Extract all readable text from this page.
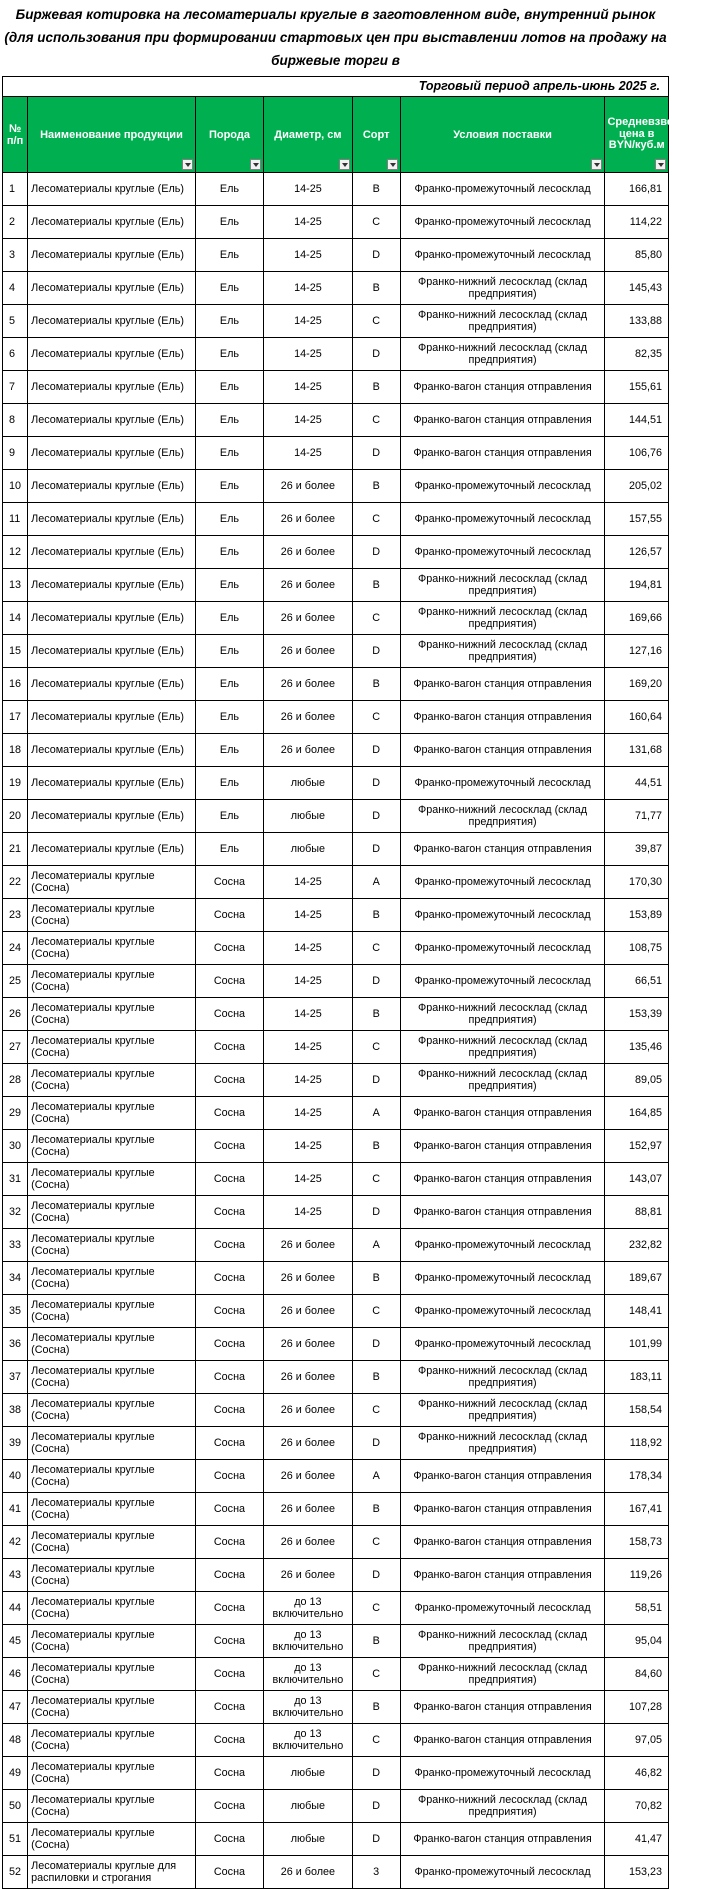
Биржевая котировка на лесоматериалы круглые в заготовленном виде, внутренний рынок
(для использования при формировании стартовых цен при выставлении лотов на продажу на
биржевые торги в
Торговый период апрель-июнь 2025 г.
№ п/п	Наименование продукции	Порода	Диаметр, см	Сорт	Условия поставки	Средневзвешенная цена в BYN/куб.м

1	Лесоматериалы круглые (Ель)	Ель	14-25	B	Франко-промежуточный лесосклад	166,81
2	Лесоматериалы круглые (Ель)	Ель	14-25	C	Франко-промежуточный лесосклад	114,22
3	Лесоматериалы круглые (Ель)	Ель	14-25	D	Франко-промежуточный лесосклад	85,80
4	Лесоматериалы круглые (Ель)	Ель	14-25	B	Франко-нижний лесосклад (склад предприятия)	145,43
5	Лесоматериалы круглые (Ель)	Ель	14-25	C	Франко-нижний лесосклад (склад предприятия)	133,88
6	Лесоматериалы круглые (Ель)	Ель	14-25	D	Франко-нижний лесосклад (склад предприятия)	82,35
7	Лесоматериалы круглые (Ель)	Ель	14-25	B	Франко-вагон станция отправления	155,61
8	Лесоматериалы круглые (Ель)	Ель	14-25	C	Франко-вагон станция отправления	144,51
9	Лесоматериалы круглые (Ель)	Ель	14-25	D	Франко-вагон станция отправления	106,76
10	Лесоматериалы круглые (Ель)	Ель	26 и более	B	Франко-промежуточный лесосклад	205,02
11	Лесоматериалы круглые (Ель)	Ель	26 и более	C	Франко-промежуточный лесосклад	157,55
12	Лесоматериалы круглые (Ель)	Ель	26 и более	D	Франко-промежуточный лесосклад	126,57
13	Лесоматериалы круглые (Ель)	Ель	26 и более	B	Франко-нижний лесосклад (склад предприятия)	194,81
14	Лесоматериалы круглые (Ель)	Ель	26 и более	C	Франко-нижний лесосклад (склад предприятия)	169,66
15	Лесоматериалы круглые (Ель)	Ель	26 и более	D	Франко-нижний лесосклад (склад предприятия)	127,16
16	Лесоматериалы круглые (Ель)	Ель	26 и более	B	Франко-вагон станция отправления	169,20
17	Лесоматериалы круглые (Ель)	Ель	26 и более	C	Франко-вагон станция отправления	160,64
18	Лесоматериалы круглые (Ель)	Ель	26 и более	D	Франко-вагон станция отправления	131,68
19	Лесоматериалы круглые (Ель)	Ель	любые	D	Франко-промежуточный лесосклад	44,51
20	Лесоматериалы круглые (Ель)	Ель	любые	D	Франко-нижний лесосклад (склад предприятия)	71,77
21	Лесоматериалы круглые (Ель)	Ель	любые	D	Франко-вагон станция отправления	39,87
22	Лесоматериалы круглые (Сосна)	Сосна	14-25	A	Франко-промежуточный лесосклад	170,30
23	Лесоматериалы круглые (Сосна)	Сосна	14-25	B	Франко-промежуточный лесосклад	153,89
24	Лесоматериалы круглые (Сосна)	Сосна	14-25	C	Франко-промежуточный лесосклад	108,75
25	Лесоматериалы круглые (Сосна)	Сосна	14-25	D	Франко-промежуточный лесосклад	66,51
26	Лесоматериалы круглые (Сосна)	Сосна	14-25	B	Франко-нижний лесосклад (склад предприятия)	153,39
27	Лесоматериалы круглые (Сосна)	Сосна	14-25	C	Франко-нижний лесосклад (склад предприятия)	135,46
28	Лесоматериалы круглые (Сосна)	Сосна	14-25	D	Франко-нижний лесосклад (склад предприятия)	89,05
29	Лесоматериалы круглые (Сосна)	Сосна	14-25	A	Франко-вагон станция отправления	164,85
30	Лесоматериалы круглые (Сосна)	Сосна	14-25	B	Франко-вагон станция отправления	152,97
31	Лесоматериалы круглые (Сосна)	Сосна	14-25	C	Франко-вагон станция отправления	143,07
32	Лесоматериалы круглые (Сосна)	Сосна	14-25	D	Франко-вагон станция отправления	88,81
33	Лесоматериалы круглые (Сосна)	Сосна	26 и более	A	Франко-промежуточный лесосклад	232,82
34	Лесоматериалы круглые (Сосна)	Сосна	26 и более	B	Франко-промежуточный лесосклад	189,67
35	Лесоматериалы круглые (Сосна)	Сосна	26 и более	C	Франко-промежуточный лесосклад	148,41
36	Лесоматериалы круглые (Сосна)	Сосна	26 и более	D	Франко-промежуточный лесосклад	101,99
37	Лесоматериалы круглые (Сосна)	Сосна	26 и более	B	Франко-нижний лесосклад (склад предприятия)	183,11
38	Лесоматериалы круглые (Сосна)	Сосна	26 и более	C	Франко-нижний лесосклад (склад предприятия)	158,54
39	Лесоматериалы круглые (Сосна)	Сосна	26 и более	D	Франко-нижний лесосклад (склад предприятия)	118,92
40	Лесоматериалы круглые (Сосна)	Сосна	26 и более	A	Франко-вагон станция отправления	178,34
41	Лесоматериалы круглые (Сосна)	Сосна	26 и более	B	Франко-вагон станция отправления	167,41
42	Лесоматериалы круглые (Сосна)	Сосна	26 и более	C	Франко-вагон станция отправления	158,73
43	Лесоматериалы круглые (Сосна)	Сосна	26 и более	D	Франко-вагон станция отправления	119,26
44	Лесоматериалы круглые (Сосна)	Сосна	до 13 включительно	C	Франко-промежуточный лесосклад	58,51
45	Лесоматериалы круглые (Сосна)	Сосна	до 13 включительно	B	Франко-нижний лесосклад (склад предприятия)	95,04
46	Лесоматериалы круглые (Сосна)	Сосна	до 13 включительно	C	Франко-нижний лесосклад (склад предприятия)	84,60
47	Лесоматериалы круглые (Сосна)	Сосна	до 13 включительно	B	Франко-вагон станция отправления	107,28
48	Лесоматериалы круглые (Сосна)	Сосна	до 13 включительно	C	Франко-вагон станция отправления	97,05
49	Лесоматериалы круглые (Сосна)	Сосна	любые	D	Франко-промежуточный лесосклад	46,82
50	Лесоматериалы круглые (Сосна)	Сосна	любые	D	Франко-нижний лесосклад (склад предприятия)	70,82
51	Лесоматериалы круглые (Сосна)	Сосна	любые	D	Франко-вагон станция отправления	41,47
52	Лесоматериалы круглые для распиловки и строгания	Сосна	26 и более	3	Франко-промежуточный лесосклад	153,23
